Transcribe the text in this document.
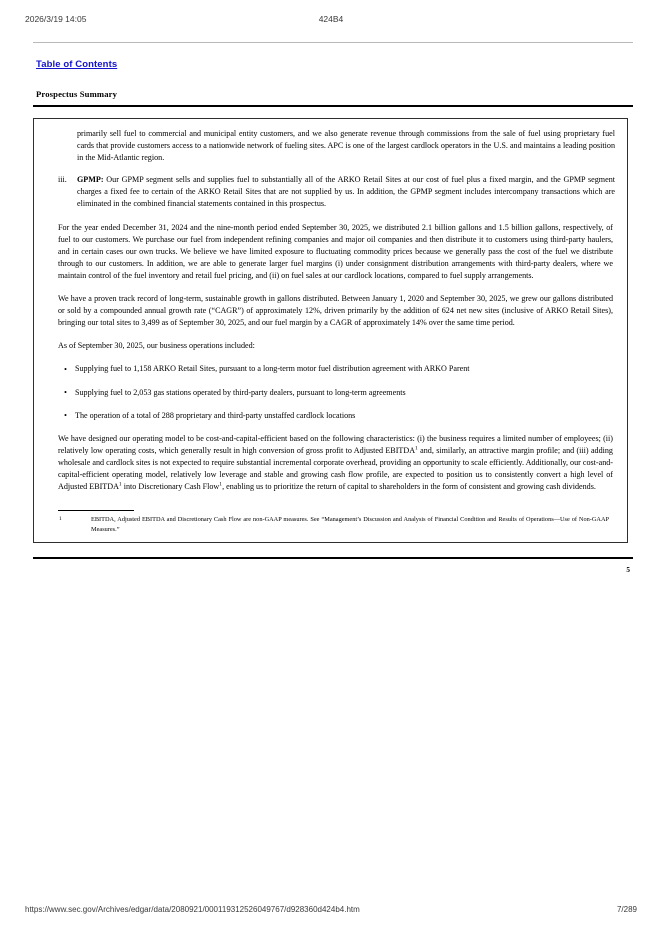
2026/3/19 14:05	424B4
Table of Contents
Prospectus Summary

primarily sell fuel to commercial and municipal entity customers, and we also generate revenue through commissions from the sale of fuel using proprietary fuel cards that provide customers access to a nationwide network of fueling sites. APC is one of the largest cardlock operators in the U.S. and maintains a leading position in the Mid-Atlantic region.

iii. GPMP: Our GPMP segment sells and supplies fuel to substantially all of the ARKO Retail Sites at our cost of fuel plus a fixed margin, and the GPMP segment charges a fixed fee to certain of the ARKO Retail Sites that are not supplied by us. In addition, the GPMP segment includes intercompany transactions which are eliminated in the combined financial statements contained in this prospectus.

For the year ended December 31, 2024 and the nine-month period ended September 30, 2025, we distributed 2.1 billion gallons and 1.5 billion gallons, respectively, of fuel to our customers. We purchase our fuel from independent refining companies and major oil companies and then distribute it to customers using third-party haulers, and in certain cases our own trucks. We believe we have limited exposure to fluctuating commodity prices because we generally pass the cost of the fuel we distribute through to our customers. In addition, we are able to generate larger fuel margins (i) under consignment distribution arrangements with third-party dealers, where we maintain control of the fuel inventory and retail fuel pricing, and (ii) on fuel sales at our cardlock locations, compared to fuel supply arrangements.

We have a proven track record of long-term, sustainable growth in gallons distributed. Between January 1, 2020 and September 30, 2025, we grew our gallons distributed or sold by a compounded annual growth rate (“CAGR”) of approximately 12%, driven primarily by the addition of 624 net new sites (inclusive of ARKO Retail Sites), bringing our total sites to 3,499 as of September 30, 2025, and our fuel margin by a CAGR of approximately 14% over the same time period.

As of September 30, 2025, our business operations included:

• Supplying fuel to 1,158 ARKO Retail Sites, pursuant to a long-term motor fuel distribution agreement with ARKO Parent
• Supplying fuel to 2,053 gas stations operated by third-party dealers, pursuant to long-term agreements
• The operation of a total of 288 proprietary and third-party unstaffed cardlock locations

We have designed our operating model to be cost-and-capital-efficient based on the following characteristics: (i) the business requires a limited number of employees; (ii) relatively low operating costs, which generally result in high conversion of gross profit to Adjusted EBITDA$^1$ and, similarly, an attractive margin profile; and (iii) adding wholesale and cardlock sites is not expected to require substantial incremental corporate overhead, providing an opportunity to scale efficiently. Additionally, our cost-and-capital-efficient operating model, relatively low leverage and stable and growing cash flow profile, are expected to position us to consistently convert a high level of Adjusted EBITDA$^1$ into Discretionary Cash Flow$^1$, enabling us to prioritize the return of capital to shareholders in the form of consistent and growing cash dividends.

1	EBITDA, Adjusted EBITDA and Discretionary Cash Flow are non-GAAP measures. See “Management’s Discussion and Analysis of Financial Condition and Results of Operations—Use of Non-GAAP Measures.”
5
https://www.sec.gov/Archives/edgar/data/2080921/000119312526049767/d928360d424b4.htm	7/289
